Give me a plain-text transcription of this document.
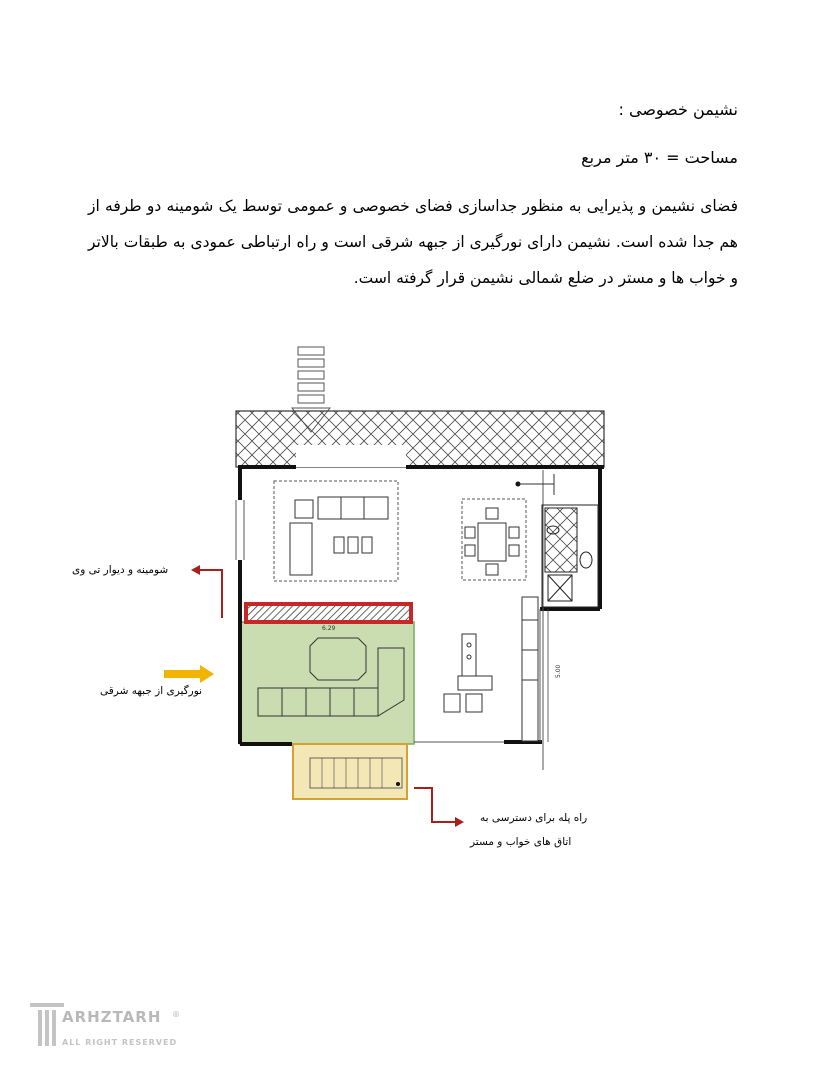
نشیمن خصوصی :
مساحت = ۳۰ متر مربع
فضای نشیمن و پذیرایی به منظور جداسازی فضای خصوصی و عمومی توسط یک شومینه دو طرفه از هم جدا شده است. نشیمن دارای نورگیری از جبهه شرقی است و راه ارتباطی عمودی به طبقات بالاتر و خواب ها و مستر در ضلع شمالی نشیمن قرار گرفته است.
6.29
5.00
شومینه و دیوار تی وی
نورگیری از جبهه شرقی
راه پله برای دسترسی به
اتاق های خواب و مستر
ARHZTARH
ALL RIGHT RESERVED
®
